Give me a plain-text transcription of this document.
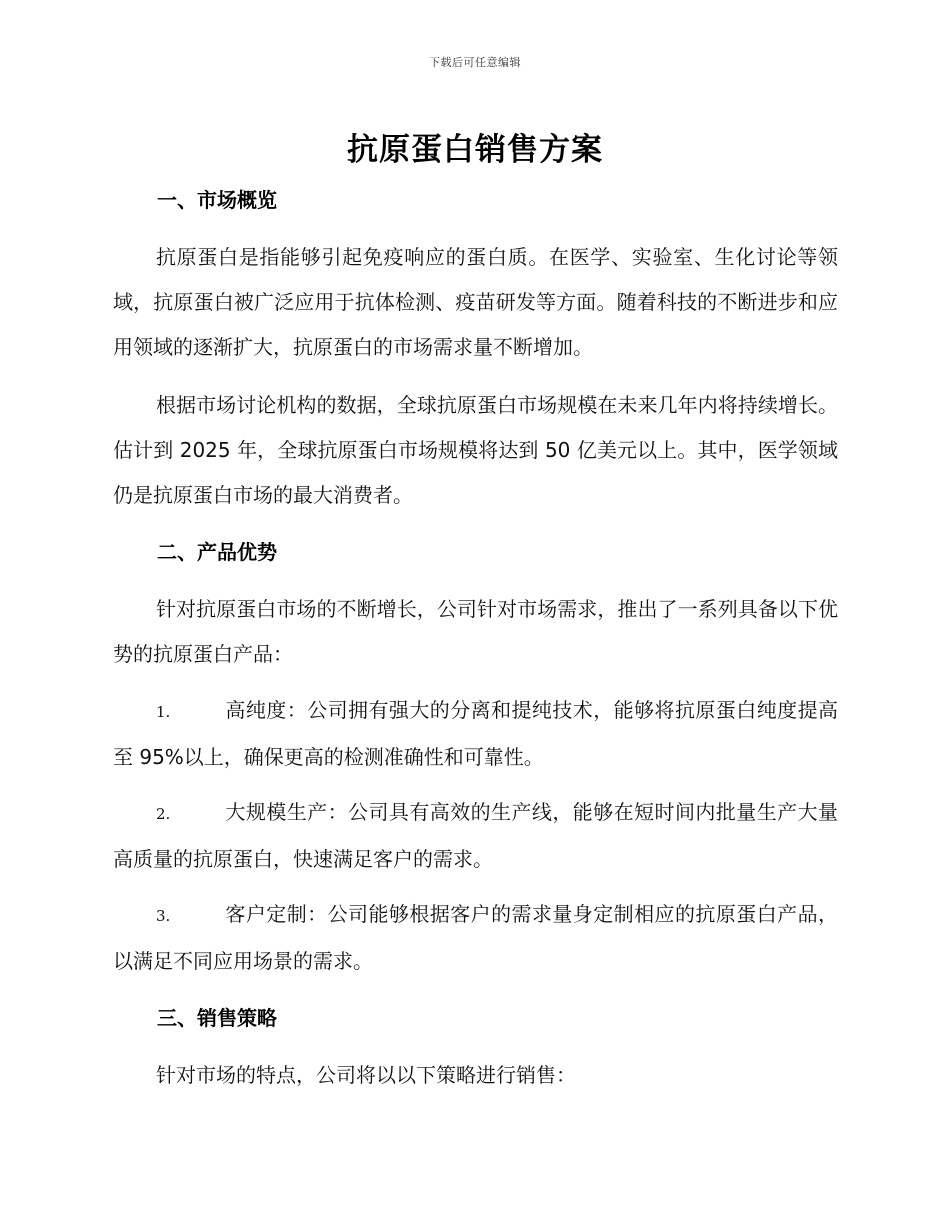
下载后可任意编辑
抗原蛋白销售方案
一、市场概览

抗原蛋白是指能够引起免疫响应的蛋白质。在医学、实验室、生化讨论等领域，抗原蛋白被广泛应用于抗体检测、疫苗研发等方面。随着科技的不断进步和应用领域的逐渐扩大，抗原蛋白的市场需求量不断增加。

根据市场讨论机构的数据，全球抗原蛋白市场规模在未来几年内将持续增长。估计到 2025 年，全球抗原蛋白市场规模将达到 50 亿美元以上。其中，医学领域仍是抗原蛋白市场的最大消费者。

二、产品优势

针对抗原蛋白市场的不断增长，公司针对市场需求，推出了一系列具备以下优势的抗原蛋白产品：

1.	高纯度：公司拥有强大的分离和提纯技术，能够将抗原蛋白纯度提高至 95%以上，确保更高的检测准确性和可靠性。

2.	大规模生产：公司具有高效的生产线，能够在短时间内批量生产大量高质量的抗原蛋白，快速满足客户的需求。

3.	客户定制：公司能够根据客户的需求量身定制相应的抗原蛋白产品，以满足不同应用场景的需求。

三、销售策略

针对市场的特点，公司将以以下策略进行销售：
